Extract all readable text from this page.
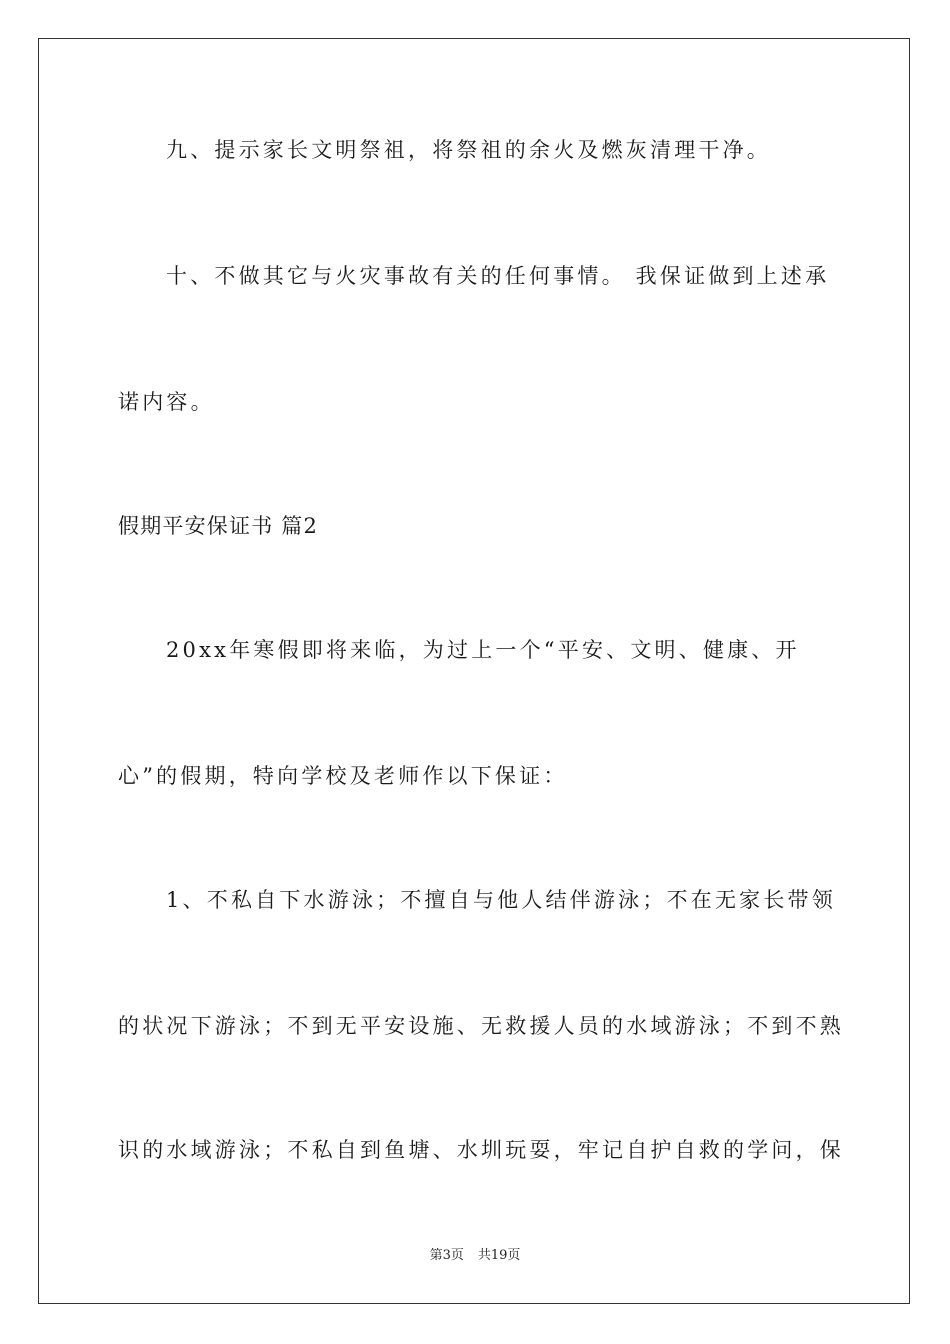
九、提示家长文明祭祖，将祭祖的余火及燃灰清理干净。
十、不做其它与火灾事故有关的任何事情。 我保证做到上述承
诺内容。
假期平安保证书 篇2
20xx年寒假即将来临，为过上一个“平安、文明、健康、开
心”的假期，特向学校及老师作以下保证：
1、不私自下水游泳；不擅自与他人结伴游泳；不在无家长带领
的状况下游泳；不到无平安设施、无救援人员的水域游泳；不到不熟
识的水域游泳；不私自到鱼塘、水圳玩耍，牢记自护自救的学问，保
第3页 共19页
